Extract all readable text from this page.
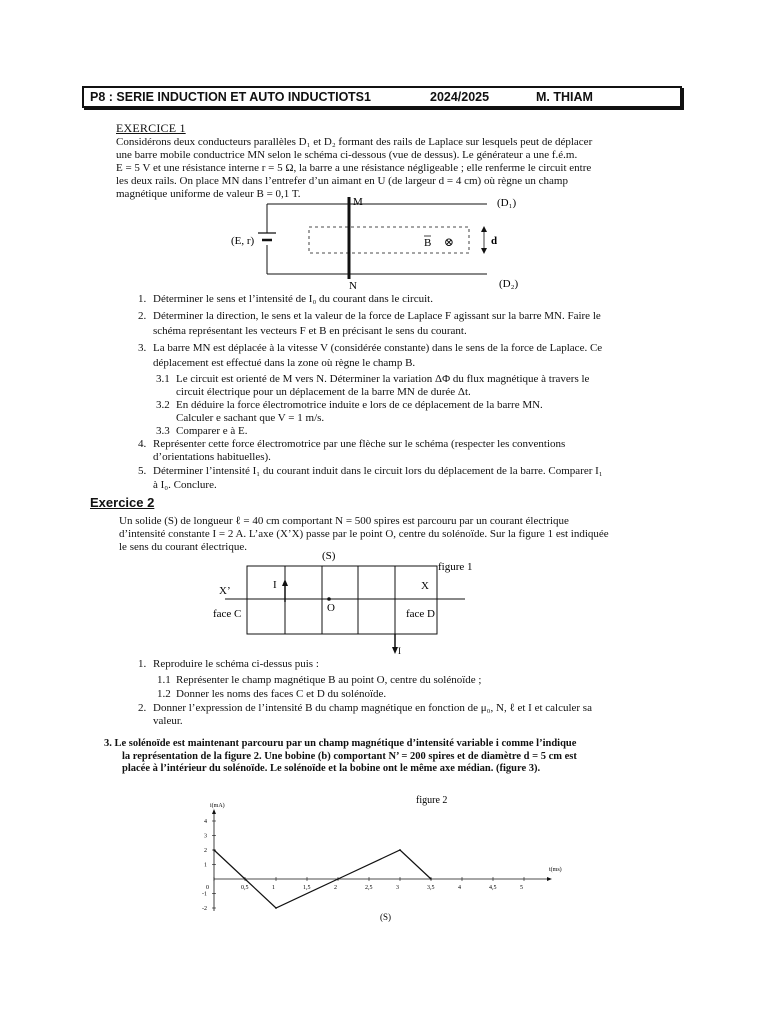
P8 : SERIE INDUCTION ET AUTO INDUCTIO TS1	2024/2025	M. THIAM
EXERCICE 1
Considérons deux conducteurs parallèles D₁ et D₂ formant des rails de Laplace sur lesquels peut de déplacer
une barre mobile conductrice MN selon le schéma ci-dessous (vue de dessus). Le générateur a une f.é.m.
E = 5 V et une résistance interne r = 5 Ω, la barre a une résistance négligeable ; elle renferme le circuit entre
les deux rails. On place MN dans l’entrefer d’un aimant en U (de largeur d = 4 cm) où règne un champ
magnétique uniforme de valeur B = 0,1 T.
M
N
(D₁)
(D₂)
(E, r)	B ⊗	d
1. Déterminer le sens et l’intensité de I₀ du courant dans le circuit.
2. Déterminer la direction, le sens et la valeur de la force de Laplace F agissant sur la barre MN. Faire le
schéma représentant les vecteurs F et B en précisant le sens du courant.
3. La barre MN est déplacée à la vitesse V (considérée constante) dans le sens de la force de Laplace. Ce
déplacement est effectué dans la zone où règne le champ B.
3.1 Le circuit est orienté de M vers N. Déterminer la variation ΔΦ du flux magnétique à travers le
circuit électrique pour un déplacement de la barre MN de durée Δt.
3.2 En déduire la force électromotrice induite e lors de ce déplacement de la barre MN.
Calculer e sachant que V = 1 m/s.
3.3 Comparer e à E.
4. Représenter cette force électromotrice par une flèche sur le schéma (respecter les conventions
d’orientations habituelles).
5. Déterminer l’intensité I₁ du courant induit dans le circuit lors du déplacement de la barre. Comparer I₁
à I₀. Conclure.
Exercice 2
Un solide (S) de longueur ℓ = 40 cm comportant N = 500 spires est parcouru par un courant électrique
d’intensité constante I = 2 A. L’axe (X’X) passe par le point O, centre du solénoïde. Sur la figure 1 est indiquée
le sens du courant électrique.
(S)
figure 1
X’	X
I
I
O
face C	face D
1. Reproduire le schéma ci-dessus puis :
1.1 Représenter le champ magnétique B au point O, centre du solénoïde ;
1.2 Donner les noms des faces C et D du solénoïde.
2. Donner l’expression de l’intensité B du champ magnétique en fonction de μ₀, N, ℓ et I et calculer sa
valeur.
3. Le solénoïde est maintenant parcouru par un champ magnétique d’intensité variable i comme l’indique
la représentation de la figure 2. Une bobine (b) comportant N’ = 200 spires et de diamètre d = 5 cm est
placée à l’intérieur du solénoïde. Le solénoïde et la bobine ont le même axe médian. (figure 3).
0	0,5	1	1,5	2	2,5	3	3,5	4	4,5	5
-2
-1
1
2
3
4
i(mA)
t(ms)
figure 2
(S)
